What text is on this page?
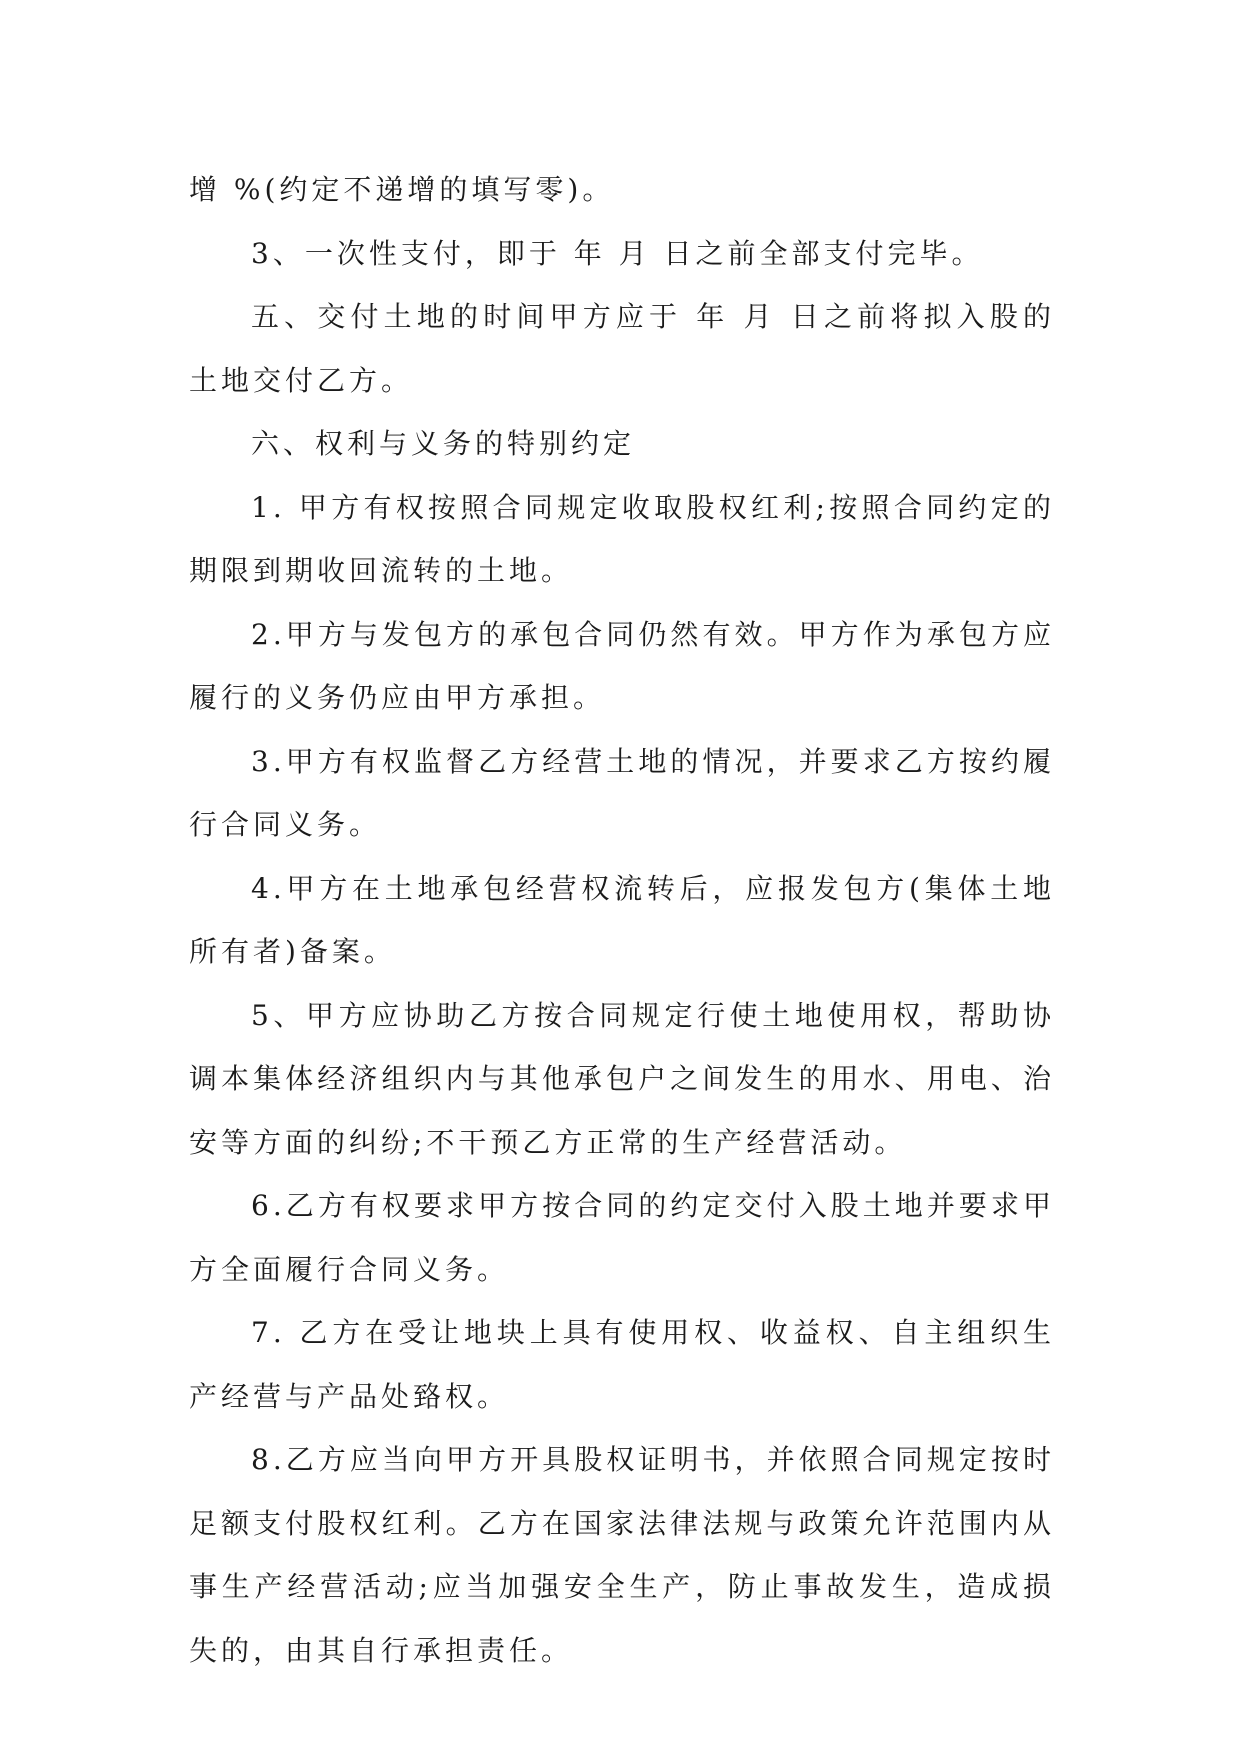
增 %(约定不递增的填写零)。

3、一次性支付，即于 年 月 日之前全部支付完毕。

五、交付土地的时间甲方应于 年 月 日之前将拟入股的土地交付乙方。

六、权利与义务的特别约定

1. 甲方有权按照合同规定收取股权红利;按照合同约定的期限到期收回流转的土地。

2.甲方与发包方的承包合同仍然有效。甲方作为承包方应履行的义务仍应由甲方承担。

3.甲方有权监督乙方经营土地的情况，并要求乙方按约履行合同义务。

4.甲方在土地承包经营权流转后，应报发包方(集体土地所有者)备案。

5、甲方应协助乙方按合同规定行使土地使用权，帮助协调本集体经济组织内与其他承包户之间发生的用水、用电、治安等方面的纠纷;不干预乙方正常的生产经营活动。

6.乙方有权要求甲方按合同的约定交付入股土地并要求甲方全面履行合同义务。

7. 乙方在受让地块上具有使用权、收益权、自主组织生产经营与产品处臵权。

8.乙方应当向甲方开具股权证明书，并依照合同规定按时足额支付股权红利。乙方在国家法律法规与政策允许范围内从事生产经营活动;应当加强安全生产，防止事故发生，造成损失的，由其自行承担责任。
